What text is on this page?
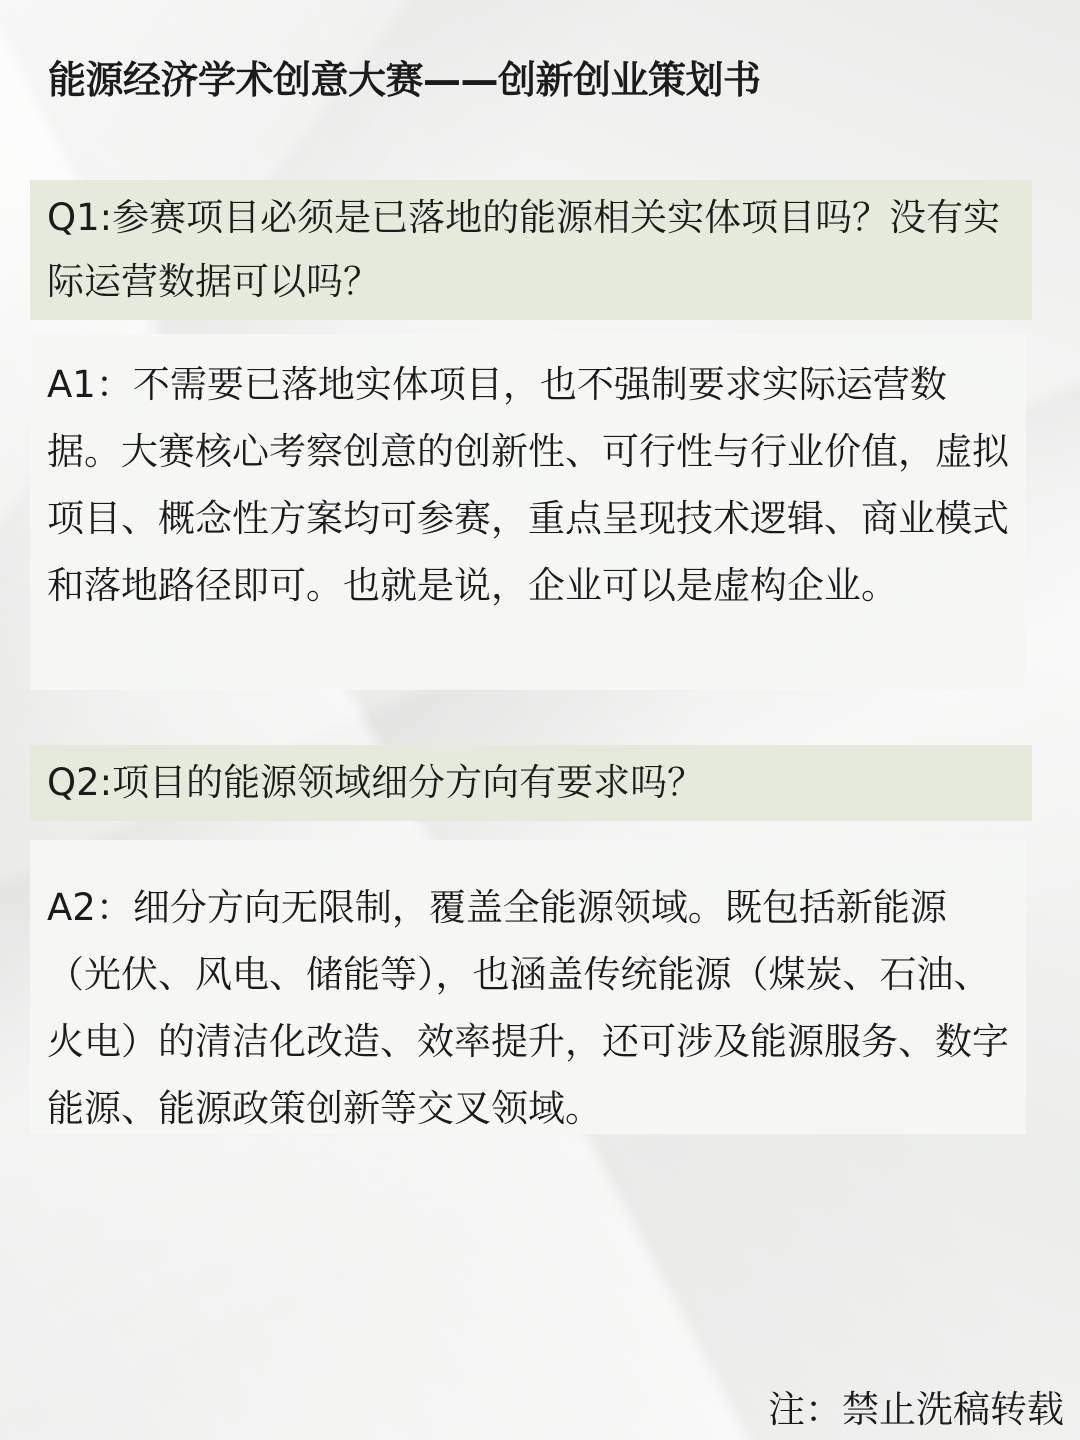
能源经济学术创意大赛——创新创业策划书
Q1:参赛项目必须是已落地的能源相关实体项目吗？没有实际运营数据可以吗？
A1：不需要已落地实体项目，也不强制要求实际运营数据。大赛核心考察创意的创新性、可行性与行业价值，虚拟项目、概念性方案均可参赛，重点呈现技术逻辑、商业模式和落地路径即可。也就是说，企业可以是虚构企业。
Q2:项目的能源领域细分方向有要求吗？
A2：细分方向无限制，覆盖全能源领域。既包括新能源（光伏、风电、储能等），也涵盖传统能源（煤炭、石油、火电）的清洁化改造、效率提升，还可涉及能源服务、数字能源、能源政策创新等交叉领域。
注：禁止洗稿转载
